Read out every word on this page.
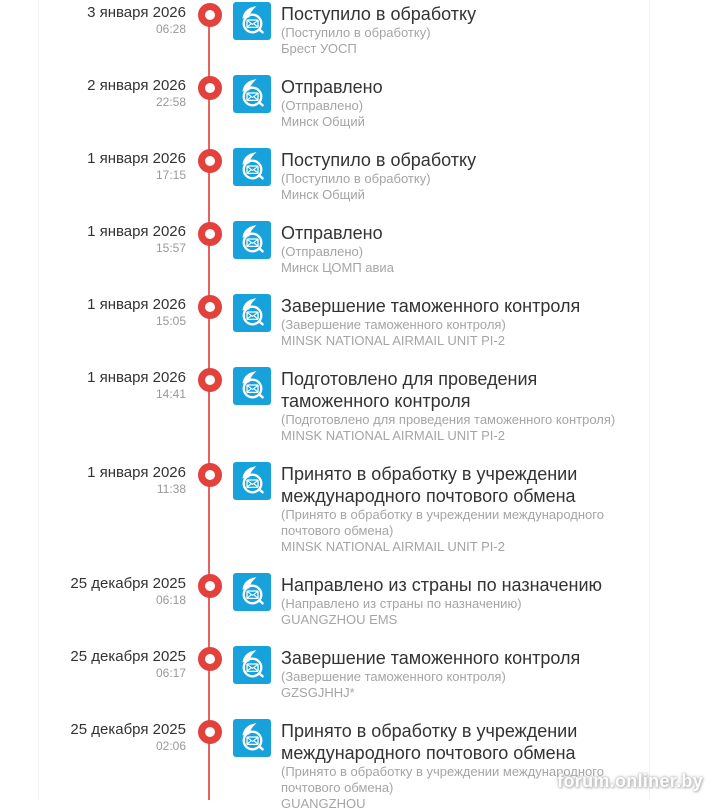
3 января 2026
06:28
Поступило в обработку
(Поступило в обработку)
Брест УОСП
2 января 2026
22:58
Отправлено
(Отправлено)
Минск Общий
1 января 2026
17:15
Поступило в обработку
(Поступило в обработку)
Минск Общий
1 января 2026
15:57
Отправлено
(Отправлено)
Минск ЦОМП авиа
1 января 2026
15:05
Завершение таможенного контроля
(Завершение таможенного контроля)
MINSK NATIONAL AIRMAIL UNIT PI-2
1 января 2026
14:41
Подготовлено для проведения таможенного контроля
(Подготовлено для проведения таможенного контроля)
MINSK NATIONAL AIRMAIL UNIT PI-2
1 января 2026
11:38
Принято в обработку в учреждении международного почтового обмена
(Принято в обработку в учреждении международного почтового обмена)
MINSK NATIONAL AIRMAIL UNIT PI-2
25 декабря 2025
06:18
Направлено из страны по назначению
(Направлено из страны по назначению)
GUANGZHOU EMS
25 декабря 2025
06:17
Завершение таможенного контроля
(Завершение таможенного контроля)
GZSGJHHJ*
25 декабря 2025
02:06
Принято в обработку в учреждении международного почтового обмена
(Принято в обработку в учреждении международного почтового обмена)
GUANGZHOU
forum.onliner.by
